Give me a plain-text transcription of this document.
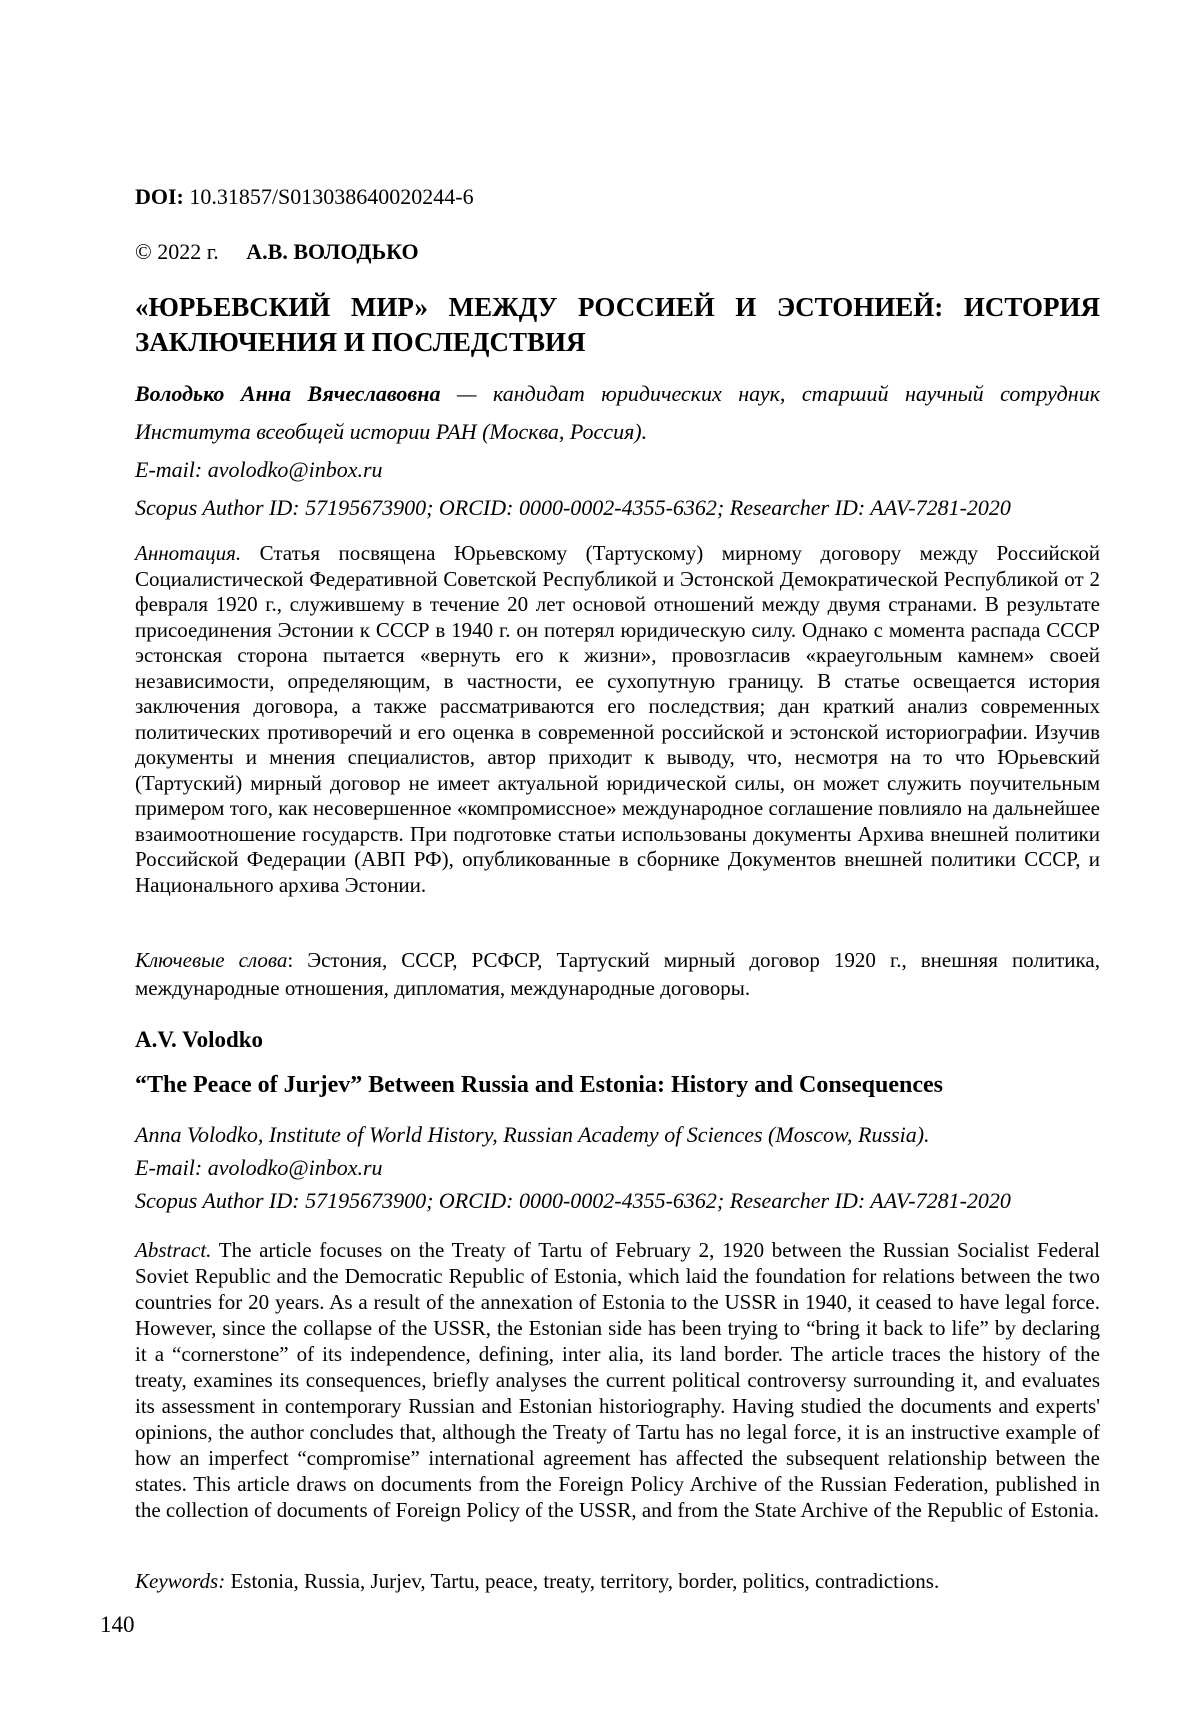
DOI: 10.31857/S013038640020244-6
© 2022 г. А.В. ВОЛОДЬКО
«ЮРЬЕВСКИЙ МИР» МЕЖДУ РОССИЕЙ И ЭСТОНИЕЙ: ИСТОРИЯ
ЗАКЛЮЧЕНИЯ И ПОСЛЕДСТВИЯ
Володько Анна Вячеславовна — кандидат юридических наук, старший научный сотрудник
Института всеобщей истории РАН (Москва, Россия).
E-mail: avolodko@inbox.ru
Scopus Author ID: 57195673900; ORCID: 0000-0002-4355-6362; Researcher ID: AAV-7281-2020
Аннотация. Статья посвящена Юрьевскому (Тартускому) мирному договору между Российской Социалистической Федеративной Советской Республикой и Эстонской Демократической Республикой от 2 февраля 1920 г., служившему в течение 20 лет основой отношений между двумя странами. В результате присоединения Эстонии к СССР в 1940 г. он потерял юридическую силу. Однако с момента распада СССР эстонская сторона пытается «вернуть его к жизни», провозгласив «краеугольным камнем» своей независимости, определяющим, в частности, ее сухопутную границу. В статье освещается история заключения договора, а также рассматриваются его последствия; дан краткий анализ современных политических противоречий и его оценка в современной российской и эстонской историографии. Изучив документы и мнения специалистов, автор приходит к выводу, что, несмотря на то что Юрьевский (Тартуский) мирный договор не имеет актуальной юридической силы, он может служить поучительным примером того, как несовершенное «компромиссное» международное соглашение повлияло на дальнейшее взаимоотношение государств. При подготовке статьи использованы документы Архива внешней политики Российской Федерации (АВП РФ), опубликованные в сборнике Документов внешней политики СССР, и Национального архива Эстонии.
Ключевые слова: Эстония, СССР, РСФСР, Тартуский мирный договор 1920 г., внешняя политика, международные отношения, дипломатия, международные договоры.
A.V. Volodko
“The Peace of Jurjev” Between Russia and Estonia: History and Consequences
Anna Volodko, Institute of World History, Russian Academy of Sciences (Moscow, Russia).
E-mail: avolodko@inbox.ru
Scopus Author ID: 57195673900; ORCID: 0000-0002-4355-6362; Researcher ID: AAV-7281-2020
Abstract. The article focuses on the Treaty of Tartu of February 2, 1920 between the Russian Socialist Federal Soviet Republic and the Democratic Republic of Estonia, which laid the foundation for relations between the two countries for 20 years. As a result of the annexation of Estonia to the USSR in 1940, it ceased to have legal force. However, since the collapse of the USSR, the Estonian side has been trying to “bring it back to life” by declaring it a “cornerstone” of its independence, defining, inter alia, its land border. The article traces the history of the treaty, examines its consequences, briefly analyses the current political controversy surrounding it, and evaluates its assessment in contemporary Russian and Estonian historiography. Having studied the documents and experts' opinions, the author concludes that, although the Treaty of Tartu has no legal force, it is an instructive example of how an imperfect “compromise” international agreement has affected the subsequent relationship between the states. This article draws on documents from the Foreign Policy Archive of the Russian Federation, published in the collection of documents of Foreign Policy of the USSR, and from the State Archive of the Republic of Estonia.
Keywords: Estonia, Russia, Jurjev, Tartu, peace, treaty, territory, border, politics, contradictions.
140
